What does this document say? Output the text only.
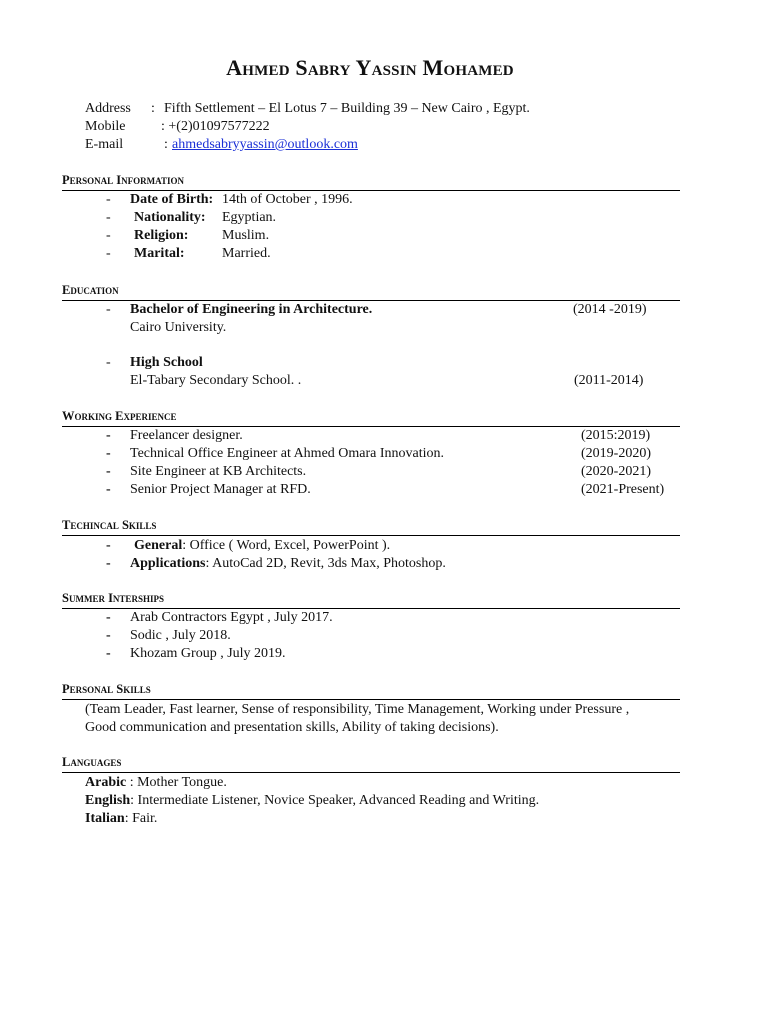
Ahmed Sabry Yassin Mohamed
Address : Fifth Settlement – El Lotus 7 – Building 39 – New Cairo , Egypt.
Mobile	: +(2)01097577222
E-mail	: ahmedsabryyassin@outlook.com
Personal Information
- Date of Birth: 14th of October , 1996.
- Nationality: Egyptian.
- Religion: Muslim.
- Marital:	Married.
Education
- Bachelor of Engineering in Architecture.	(2014 -2019)
Cairo University.
- High School
El-Tabary Secondary School. .	(2011-2014)
Working Experience
- Freelancer designer.	(2015:2019)
- Technical Office Engineer at Ahmed Omara Innovation.	(2019-2020)
- Site Engineer at KB Architects.	(2020-2021)
- Senior Project Manager at RFD.	(2021-Present)
Techincal Skills
- General: Office ( Word, Excel, PowerPoint ).
- Applications: AutoCad 2D, Revit, 3ds Max, Photoshop.
Summer Interships
- Arab Contractors Egypt , July 2017.
- Sodic , July 2018.
- Khozam Group , July 2019.
Personal Skills
(Team Leader, Fast learner, Sense of responsibility, Time Management, Working under Pressure ,
Good communication and presentation skills, Ability of taking decisions).
Languages
Arabic : Mother Tongue.
English: Intermediate Listener, Novice Speaker, Advanced Reading and Writing.
Italian: Fair.
